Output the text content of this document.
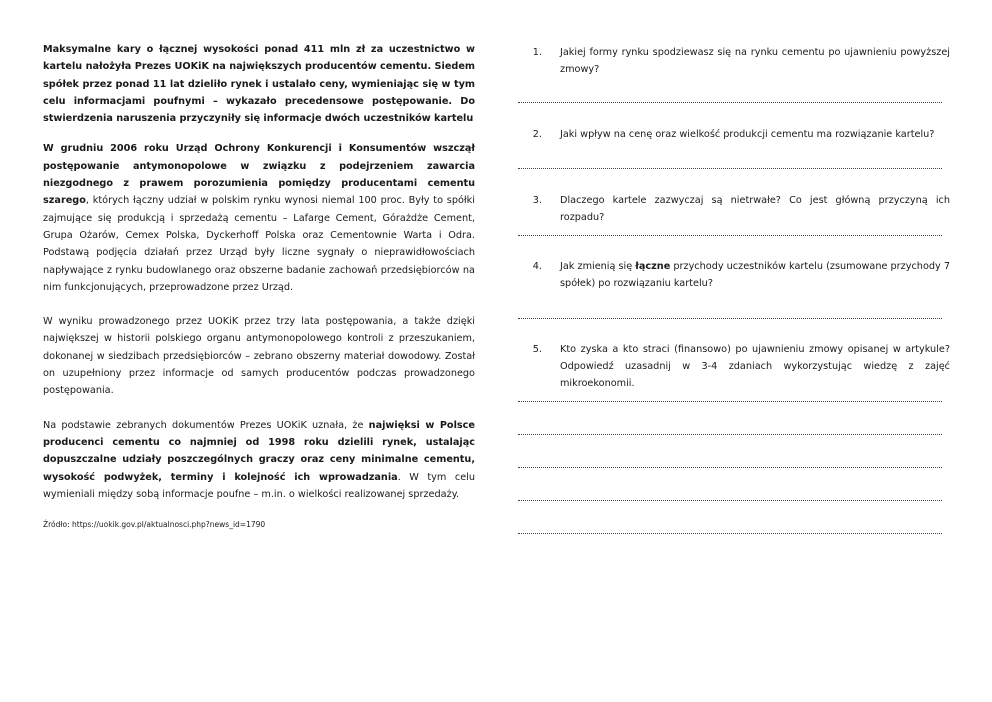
Maksymalne kary o łącznej wysokości ponad 411 mln zł za uczestnictwo w kartelu nałożyła Prezes UOKiK na największych producentów cementu. Siedem spółek przez ponad 11 lat dzieliło rynek i ustalało ceny, wymieniając się w tym celu informacjami poufnymi – wykazało precedensowe postępowanie. Do stwierdzenia naruszenia przyczyniły się informacje dwóch uczestników kartelu

W grudniu 2006 roku Urząd Ochrony Konkurencji i Konsumentów wszczął postępowanie antymonopolowe w związku z podejrzeniem zawarcia niezgodnego z prawem porozumienia pomiędzy producentami cementu szarego, których łączny udział w polskim rynku wynosi niemal 100 proc. Były to spółki zajmujące się produkcją i sprzedażą cementu – Lafarge Cement, Górażdże Cement, Grupa Ożarów, Cemex Polska, Dyckerhoff Polska oraz Cementownie Warta i Odra. Podstawą podjęcia działań przez Urząd były liczne sygnały o nieprawidłowościach napływające z rynku budowlanego oraz obszerne badanie zachowań przedsiębiorców na nim funkcjonujących, przeprowadzone przez Urząd.

W wyniku prowadzonego przez UOKiK przez trzy lata postępowania, a także dzięki największej w historii polskiego organu antymonopolowego kontroli z przeszukaniem, dokonanej w siedzibach przedsiębiorców – zebrano obszerny materiał dowodowy. Został on uzupełniony przez informacje od samych producentów podczas prowadzonego postępowania.

Na podstawie zebranych dokumentów Prezes UOKiK uznała, że najwięksi w Polsce producenci cementu co najmniej od 1998 roku dzielili rynek, ustalając dopuszczalne udziały poszczególnych graczy oraz ceny minimalne cementu, wysokość podwyżek, terminy i kolejność ich wprowadzania. W tym celu wymieniali między sobą informacje poufne – m.in. o wielkości realizowanej sprzedaży.

Źródło: https://uokik.gov.pl/aktualnosci.php?news_id=1790
1.	Jakiej formy rynku spodziewasz się na rynku cementu po ujawnieniu powyższej zmowy?
2.	Jaki wpływ na cenę oraz wielkość produkcji cementu ma rozwiązanie kartelu?
3.	Dlaczego kartele zazwyczaj są nietrwałe? Co jest główną przyczyną ich rozpadu?
4.	Jak zmienią się łączne przychody uczestników kartelu (zsumowane przychody 7 spółek) po rozwiązaniu kartelu?
5.	Kto zyska a kto straci (finansowo) po ujawnieniu zmowy opisanej w artykule? Odpowiedź uzasadnij w 3-4 zdaniach wykorzystując wiedzę z zajęć mikroekonomii.
